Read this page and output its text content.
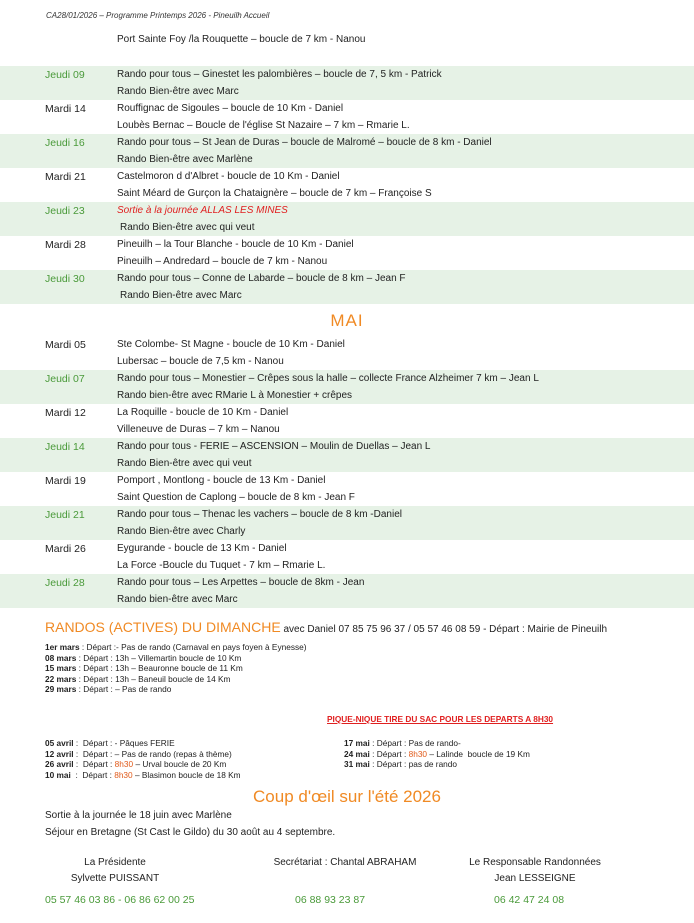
CA28/01/2026 – Programme Printemps 2026 - Pineuilh Accueil
Port Sainte Foy /la Rouquette – boucle de 7 km - Nanou
Jeudi 09	Rando pour tous – Ginestet les palombières – boucle de 7, 5 km - Patrick
Rando Bien-être avec Marc
Mardi 14	Rouffignac de Sigoules – boucle de 10 Km - Daniel
Loubès Bernac – Boucle de l'église St Nazaire – 7 km – Rmarie L.
Jeudi 16	Rando pour tous – St Jean de Duras – boucle de Malromé – boucle de 8 km - Daniel
Rando Bien-être avec Marlène
Mardi 21	Castelmoron d d'Albret - boucle de 10 Km - Daniel
Saint Méard de Gurçon la Chataignère – boucle de 7 km – Françoise S
Jeudi 23	Sortie à la journée ALLAS LES MINES
Rando Bien-être avec qui veut
Mardi 28	Pineuilh – la Tour Blanche - boucle de 10 Km - Daniel
Pineuilh – Andredard – boucle de 7 km - Nanou
Jeudi 30	Rando pour tous – Conne de Labarde – boucle de 8 km – Jean F
Rando Bien-être avec Marc
MAI
Mardi 05	Ste Colombe- St Magne - boucle de 10 Km - Daniel
Lubersac – boucle de 7,5 km - Nanou
Jeudi 07	Rando pour tous – Monestier – Crêpes sous la halle – collecte France Alzheimer 7 km – Jean L
Rando bien-être avec RMarie L à Monestier + crêpes
Mardi 12	La Roquille - boucle de 10 Km - Daniel
Villeneuve de Duras – 7 km – Nanou
Jeudi 14	Rando pour tous - FERIE – ASCENSION – Moulin de Duellas – Jean L
Rando Bien-être avec qui veut
Mardi 19	Pomport , Montlong - boucle de 13 Km - Daniel
Saint Question de Caplong – boucle de 8 km - Jean F
Jeudi 21	Rando pour tous – Thenac les vachers – boucle de 8 km -Daniel
Rando Bien-être avec Charly
Mardi 26	Eygurande - boucle de 13 Km - Daniel
La Force -Boucle du Tuquet - 7 km – Rmarie L.
Jeudi 28	Rando pour tous – Les Arpettes – boucle de 8km - Jean
Rando bien-être avec Marc
RANDOS (ACTIVES) DU DIMANCHE avec Daniel 07 85 75 96 37 / 05 57 46 08 59 - Départ : Mairie de Pineuilh
1er mars : Départ :- Pas de rando (Carnaval en pays foyen à Eynesse)
08 mars : Départ : 13h – Villemartin boucle de 10 Km
15 mars : Départ : 13h – Beauronne boucle de 11 Km
22 mars : Départ : 13h – Baneuil boucle de 14 Km
29 mars : Départ : – Pas de rando
PIQUE-NIQUE TIRE DU SAC POUR LES DEPARTS A 8H30
05 avril :  Départ : - Pâques FERIE
12 avril :  Départ : – Pas de rando (repas à thème)
26 avril :  Départ : 8h30 – Urval boucle de 20 Km
10 mai  :  Départ : 8h30 – Blasimon boucle de 18 Km
17 mai : Départ : Pas de rando-
24 mai : Départ : 8h30 – Lalinde  boucle de 19 Km
31 mai : Départ : pas de rando
Coup d'œil sur l'été 2026
Sortie à la journée le 18 juin avec Marlène
Séjour en Bretagne (St Cast le Gildo) du 30 août au 4 septembre.
La Présidente
Sylvette PUISSANT
Secrétariat : Chantal ABRAHAM	Le Responsable Randonnées
Jean LESSEIGNE
05 57 46 03 86 - 06 86 62 00 25	06 88 93 23 87	06 42 47 24 08
